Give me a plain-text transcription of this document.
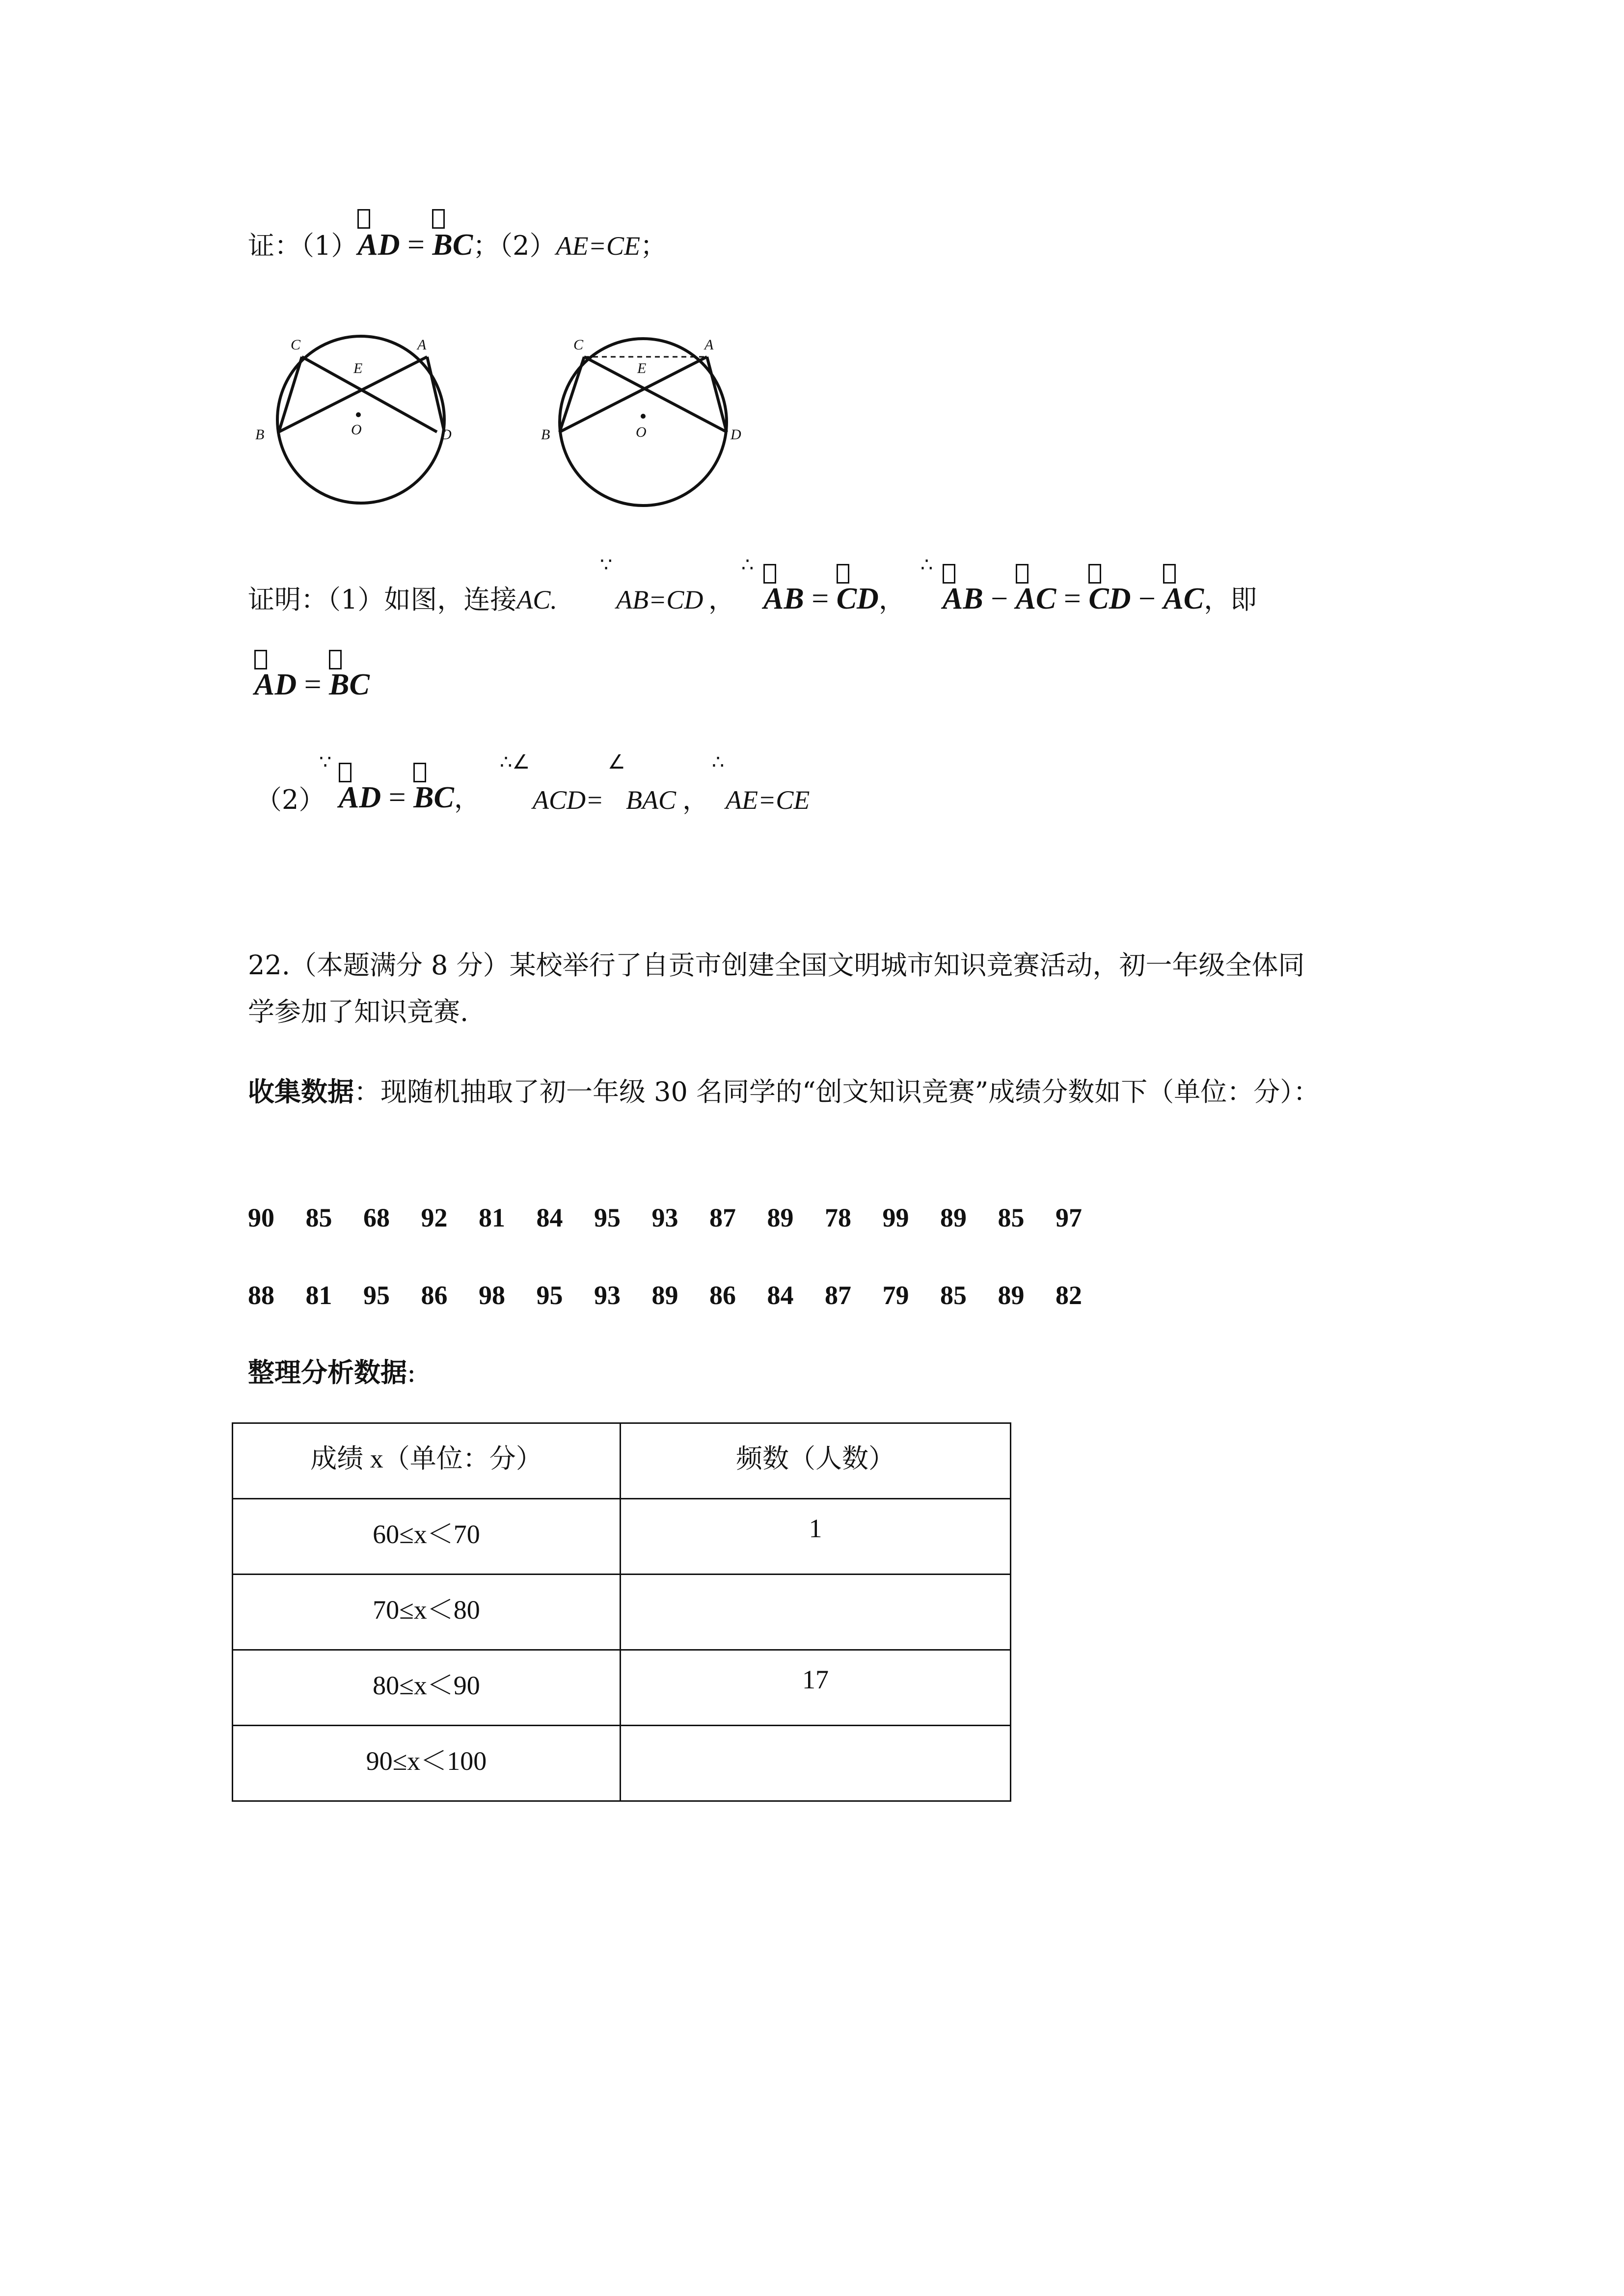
证：（1）
AD =
BC；（2）AE=CE；
C	A
E
B	O	D
C	A
E
B	O	D
证明：（1）如图，连接AC.
∵
AB=CD ，
∴
AB =
CD，
∴
AB −
AC =
CD −
AC，即
AD =
BC
（2）
∵
AD =
BC，
∴∠
ACD=
∠
BAC ，
∴
AE=CE
22.（本题满分 8 分）某校举行了自贡市创建全国文明城市知识竞赛活动，初一年级全体同
学参加了知识竞赛.
收集数据：现随机抽取了初一年级 30 名同学的“创文知识竞赛”成绩分数如下（单位：分）：
90 85 68 92 81 84 95 93 87 89 78 99 89 85 97
88 81 95 86 98 95 93 89 86 84 87 79 85 89 82
整理分析数据:
成绩 x（单位：分）	频数（人数）
60≤x＜70	1
70≤x＜80	
80≤x＜90	17
90≤x＜100	
